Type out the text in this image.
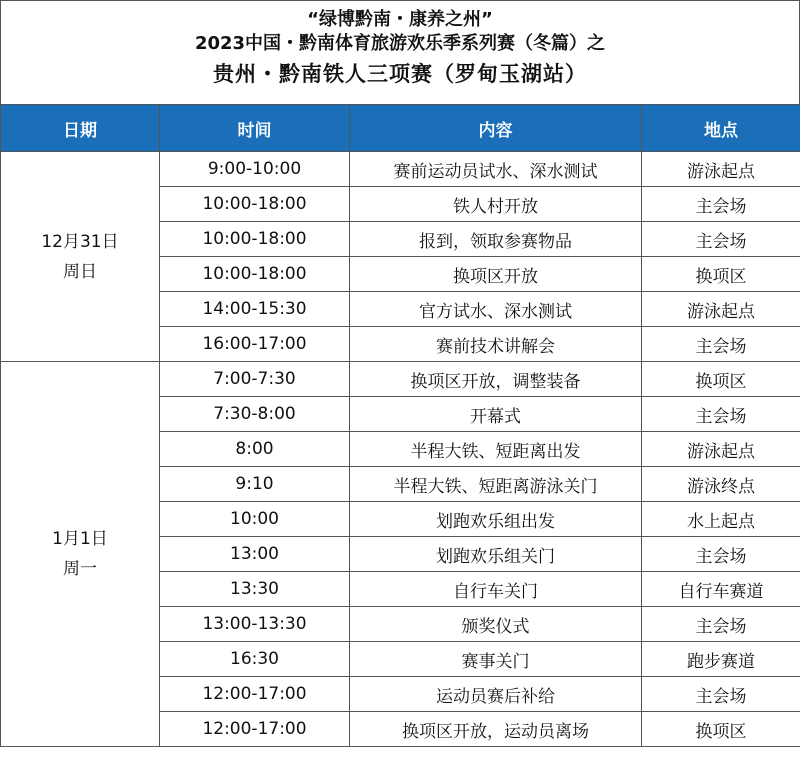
“绿博黔南・康养之州”
2023中国・黔南体育旅游欢乐季系列赛（冬篇）之
贵州・黔南铁人三项赛（罗甸玉湖站）
日期	时间	内容	地点

12月31日
周日	9:00-10:00	赛前运动员试水、深水测试	游泳起点
	10:00-18:00	铁人村开放	主会场
	10:00-18:00	报到，领取参赛物品	主会场
	10:00-18:00	换项区开放	换项区
	14:00-15:30	官方试水、深水测试	游泳起点
	16:00-17:00	赛前技术讲解会	主会场

1月1日
周一	7:00-7:30	换项区开放，调整装备	换项区
	7:30-8:00	开幕式	主会场
	8:00	半程大铁、短距离出发	游泳起点
	9:10	半程大铁、短距离游泳关门	游泳终点
	10:00	划跑欢乐组出发	水上起点
	13:00	划跑欢乐组关门	主会场
	13:30	自行车关门	自行车赛道
	13:00-13:30	颁奖仪式	主会场
	16:30	赛事关门	跑步赛道
	12:00-17:00	运动员赛后补给	主会场
	12:00-17:00	换项区开放，运动员离场	换项区
